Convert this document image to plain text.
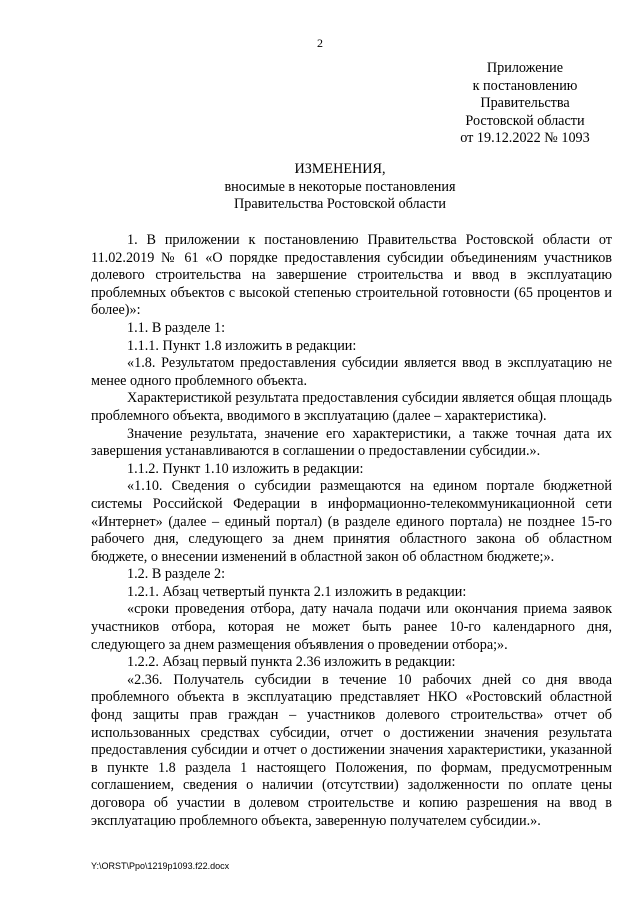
2
Приложение
к постановлению
Правительства
Ростовской области
от 19.12.2022 № 1093
ИЗМЕНЕНИЯ,
вносимые в некоторые постановления
Правительства Ростовской области

1. В приложении к постановлению Правительства Ростовской области от 11.02.2019 № 61 «О порядке предоставления субсидии объединениям участников долевого строительства на завершение строительства и ввод в эксплуатацию проблемных объектов с высокой степенью строительной готовности (65 процентов и более)»:

1.1. В разделе 1:

1.1.1. Пункт 1.8 изложить в редакции:

«1.8. Результатом предоставления субсидии является ввод в эксплуатацию не менее одного проблемного объекта.

Характеристикой результата предоставления субсидии является общая площадь проблемного объекта, вводимого в эксплуатацию (далее – характеристика).

Значение результата, значение его характеристики, а также точная дата их завершения устанавливаются в соглашении о предоставлении субсидии.».

1.1.2. Пункт 1.10 изложить в редакции:

«1.10. Сведения о субсидии размещаются на едином портале бюджетной системы Российской Федерации в информационно-телекоммуникационной сети «Интернет» (далее – единый портал) (в разделе единого портала) не позднее 15-го рабочего дня, следующего за днем принятия областного закона об областном бюджете, о внесении изменений в областной закон об областном бюджете;».

1.2. В разделе 2:

1.2.1. Абзац четвертый пункта 2.1 изложить в редакции:

«сроки проведения отбора, дату начала подачи или окончания приема заявок участников отбора, которая не может быть ранее 10-го календарного дня, следующего за днем размещения объявления о проведении отбора;».

1.2.2. Абзац первый пункта 2.36 изложить в редакции:

«2.36. Получатель субсидии в течение 10 рабочих дней со дня ввода проблемного объекта в эксплуатацию представляет НКО «Ростовский областной фонд защиты прав граждан – участников долевого строительства» отчет об использованных средствах субсидии, отчет о достижении значения результата предоставления субсидии и отчет о достижении значения характеристики, указанной в пункте 1.8 раздела 1 настоящего Положения, по формам, предусмотренным соглашением, сведения о наличии (отсутствии) задолженности по оплате цены договора об участии в долевом строительстве и копию разрешения на ввод в эксплуатацию проблемного объекта, заверенную получателем субсидии.».

Y:\ORST\Ppo\1219p1093.f22.docx
